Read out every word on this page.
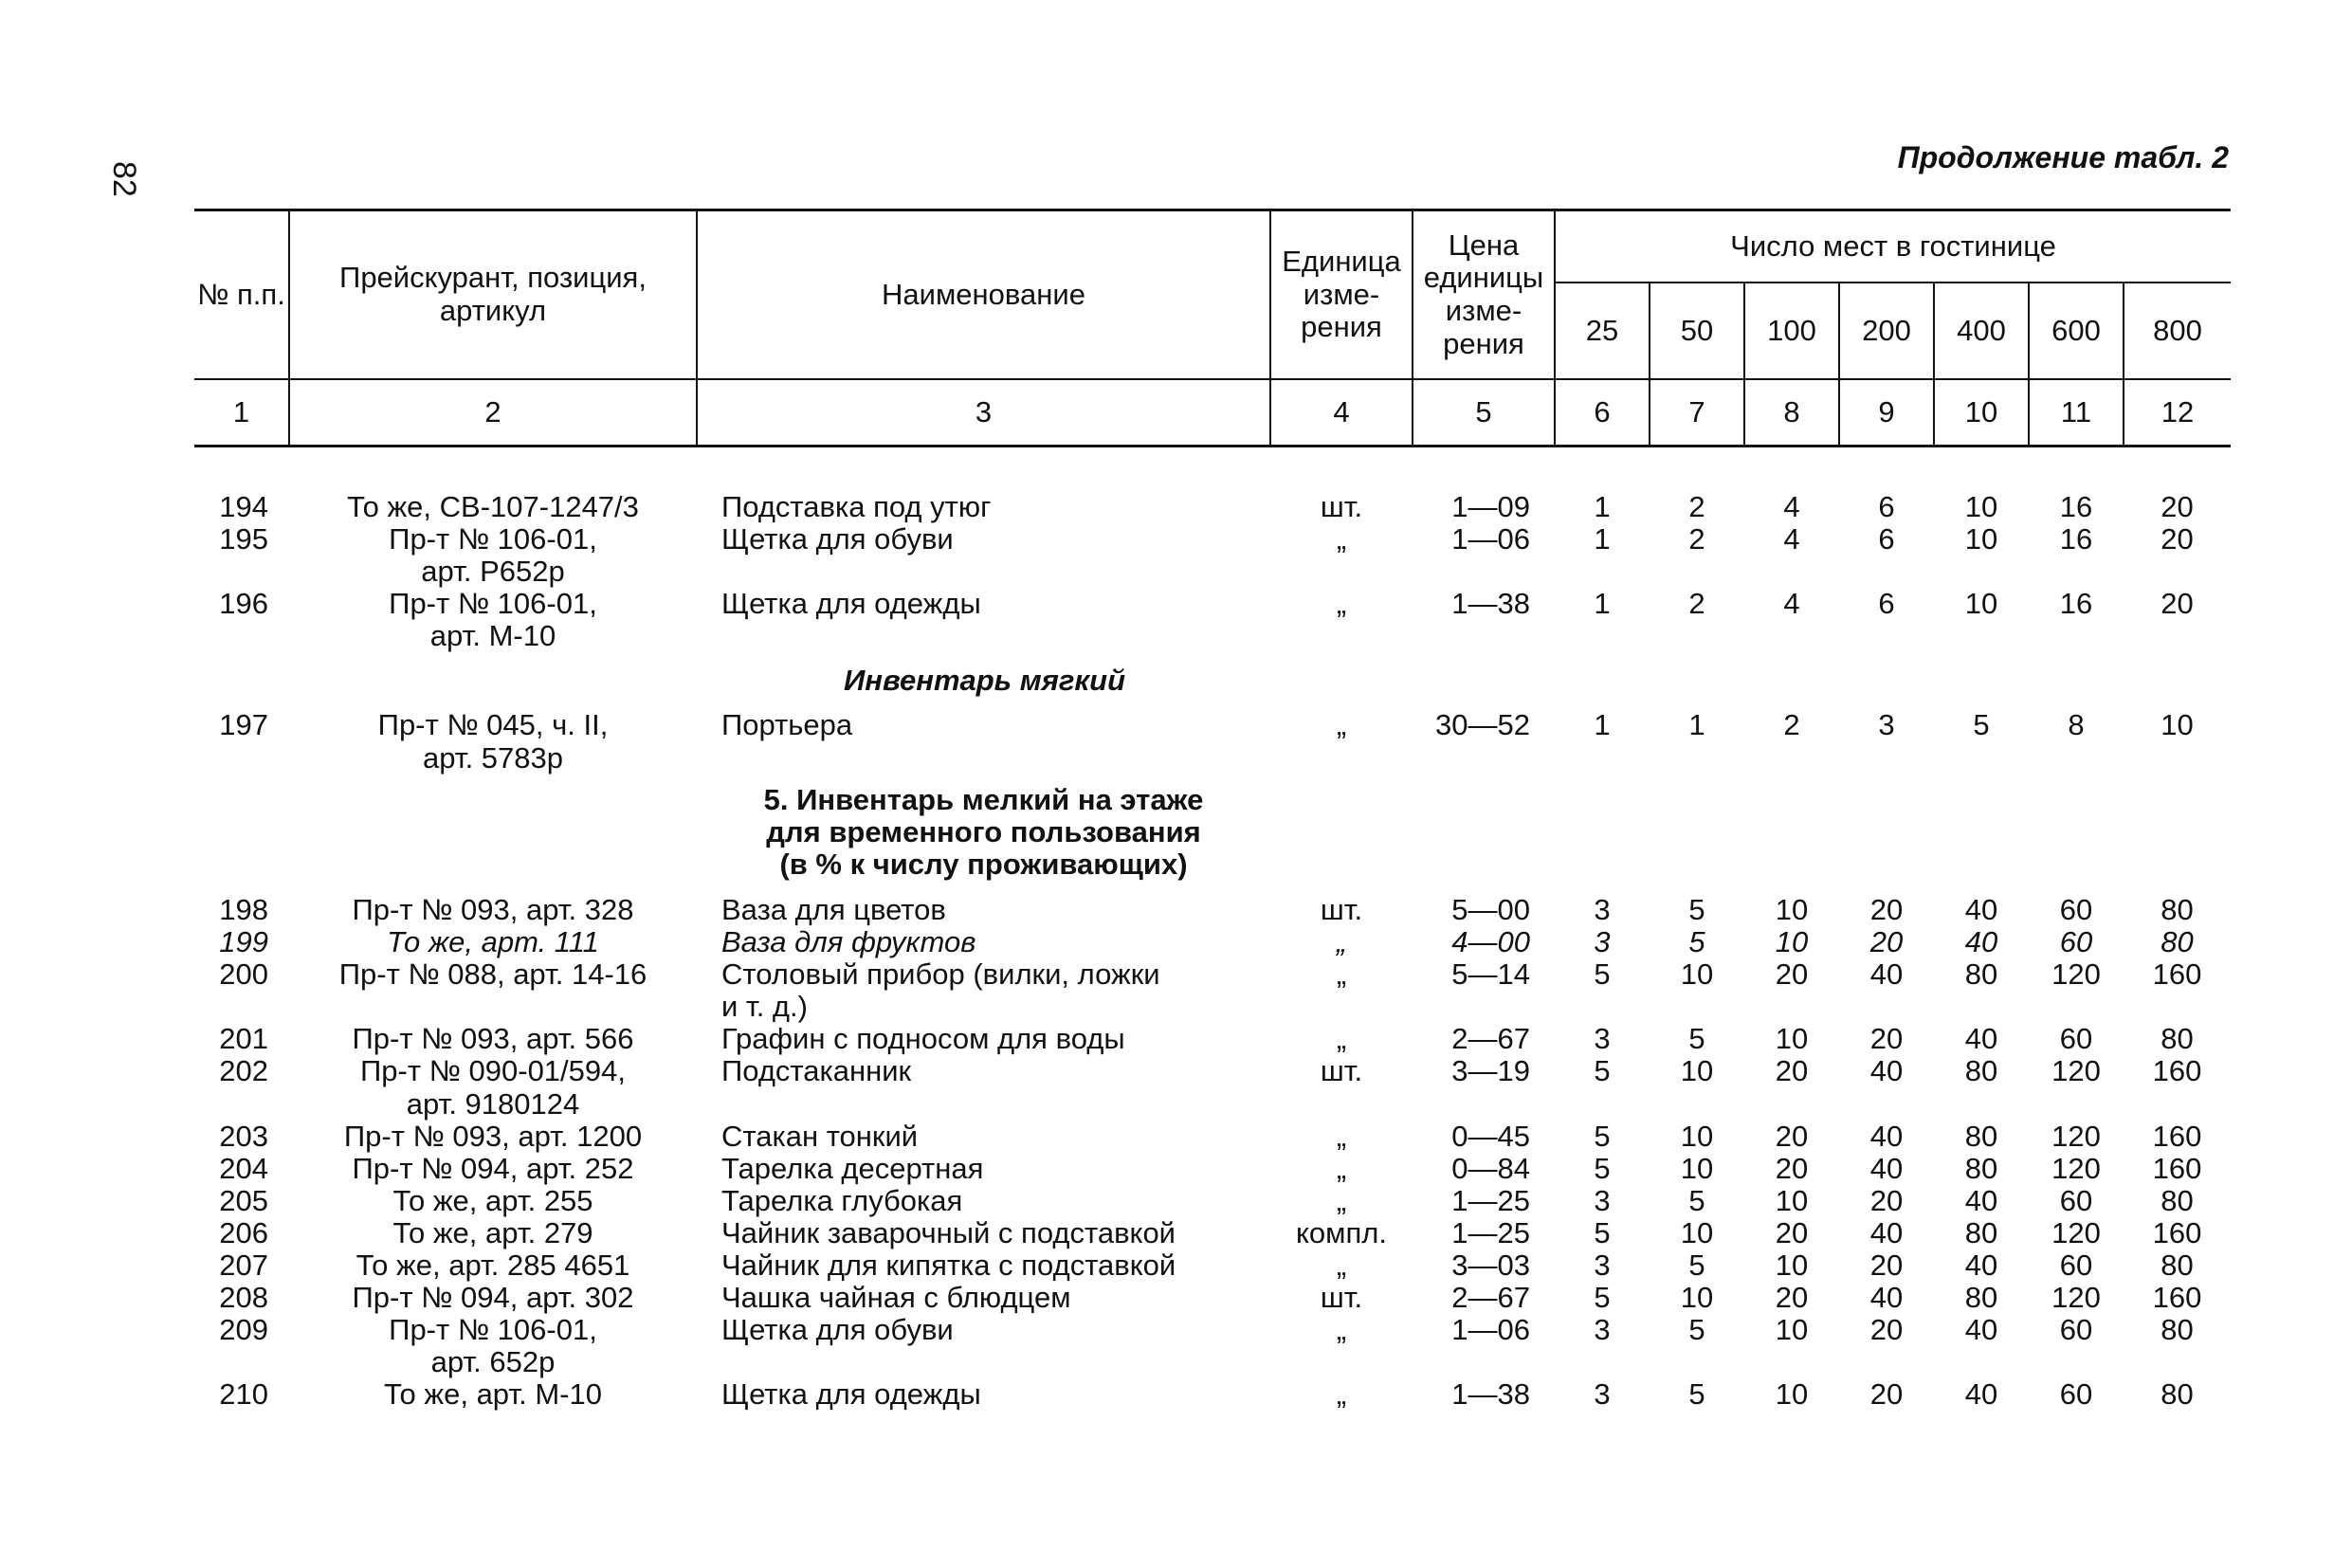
82
Продолжение табл. 2
№ п.п.	Прейскурант, позиция, артикул	Наименование	Единица изме- рения	Цена единицы изме- рения	Число мест в гостинице						
					25	50	100	200	400	600	800
1	2	3	4	5	6	7	8	9	10	11	12

194	То же, СВ-107-1247/3	Подставка под утюг	шт.	1—09	1	2	4	6	10	16	20
195	Пр-т № 106-01,
арт. Р652р	Щетка для обуви	„	1—06	1	2	4	6	10	16	20
196	Пр-т № 106-01,
арт. М-10	Щетка для одежды	„	1—38	1	2	4	6	10	16	20
		Инвентарь мягкий									
197	Пр-т № 045, ч. II,
арт. 5783р	Портьера	„	30—52	1	1	2	3	5	8	10

		5. Инвентарь мелкий на этаже
для временного пользования
(в % к числу проживающих)									

198	Пр-т № 093, арт. 328	Ваза для цветов	шт.	5—00	3	5	10	20	40	60	80
199	То же, арт. 111	Ваза для фруктов	„	4—00	3	5	10	20	40	60	80
200	Пр-т № 088, арт. 14-16	Столовый прибор (вилки, ложки
и т. д.)	„	5—14	5	10	20	40	80	120	160
201	Пр-т № 093, арт. 566	Графин с подносом для воды	„	2—67	3	5	10	20	40	60	80
202	Пр-т № 090-01/594,
арт. 9180124	Подстаканник	шт.	3—19	5	10	20	40	80	120	160
203	Пр-т № 093, арт. 1200	Стакан тонкий	„	0—45	5	10	20	40	80	120	160
204	Пр-т № 094, арт. 252	Тарелка десертная	„	0—84	5	10	20	40	80	120	160
205	То же, арт. 255	Тарелка глубокая	„	1—25	3	5	10	20	40	60	80
206	То же, арт. 279	Чайник заварочный с подставкой	компл.	1—25	5	10	20	40	80	120	160
207	То же, арт. 285 4651	Чайник для кипятка с подставкой	„	3—03	3	5	10	20	40	60	80
208	Пр-т № 094, арт. 302	Чашка чайная с блюдцем	шт.	2—67	5	10	20	40	80	120	160
209	Пр-т № 106-01,
арт. 652р	Щетка для обуви	„	1—06	3	5	10	20	40	60	80
210	То же, арт. М-10	Щетка для одежды	„	1—38	3	5	10	20	40	60	80
